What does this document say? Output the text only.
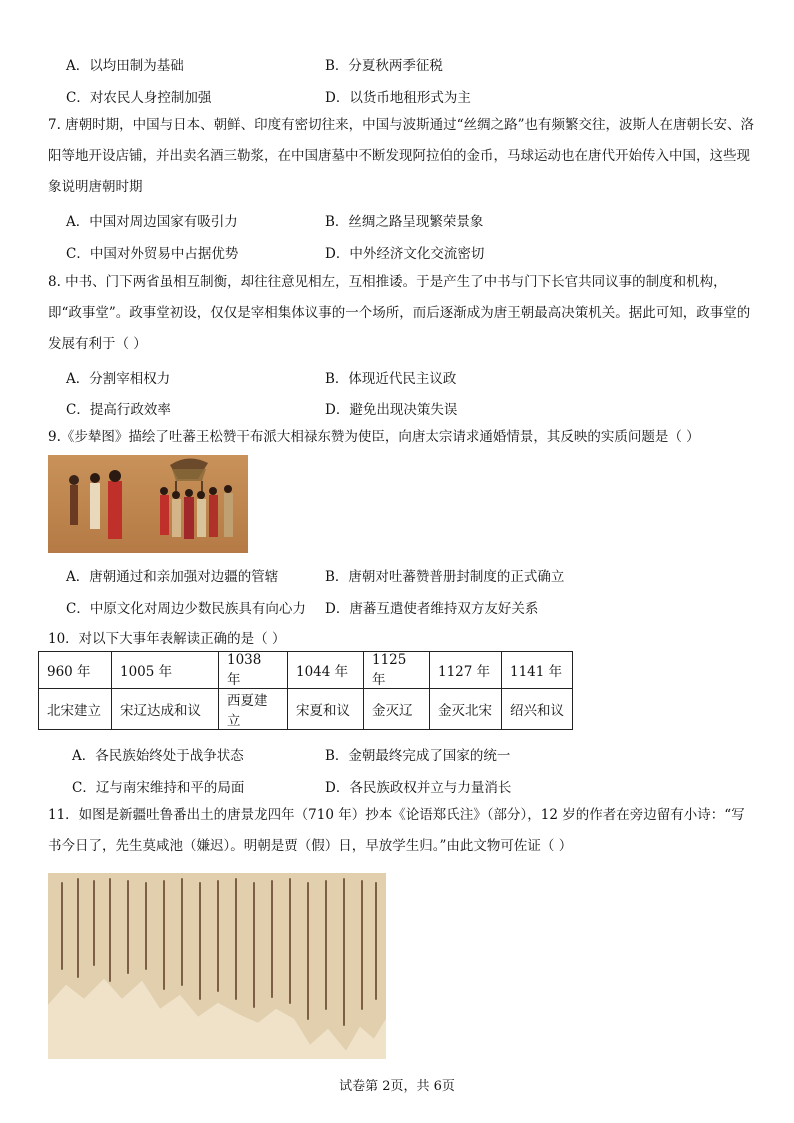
A．以均田制为基础	B．分夏秋两季征税
C．对农民人身控制加强	D．以货币地租形式为主
7. 唐朝时期，中国与日本、朝鲜、印度有密切往来，中国与波斯通过“丝绸之路”也有频繁交往，波斯人在唐朝长安、洛阳等地开设店铺，并出卖名酒三勒浆，在中国唐墓中不断发现阿拉伯的金币，马球运动也在唐代开始传入中国，这些现象说明唐朝时期
A．中国对周边国家有吸引力	B．丝绸之路呈现繁荣景象
C．中国对外贸易中占据优势	D．中外经济文化交流密切
8. 中书、门下两省虽相互制衡，却往往意见相左，互相推诿。于是产生了中书与门下长官共同议事的制度和机构，即“政事堂”。政事堂初设，仅仅是宰相集体议事的一个场所，而后逐渐成为唐王朝最高决策机关。据此可知，政事堂的发展有利于（ ）
A．分割宰相权力	B．体现近代民主议政
C．提高行政效率	D．避免出现决策失误
9.《步辇图》描绘了吐蕃王松赞干布派大相禄东赞为使臣，向唐太宗请求通婚情景，其反映的实质问题是（ ）
A．唐朝通过和亲加强对边疆的管辖	B．唐朝对吐蕃赞普册封制度的正式确立
C．中原文化对周边少数民族具有向心力 D．唐蕃互遣使者维持双方友好关系
10．对以下大事年表解读正确的是（ ）
960 年	1005 年	1038 年	1044 年	1125 年	1127 年	1141 年
北宋建立	宋辽达成和议	西夏建立	宋夏和议	金灭辽	金灭北宋	绍兴和议
A．各民族始终处于战争状态	B．金朝最终完成了国家的统一
C．辽与南宋维持和平的局面	D．各民族政权并立与力量消长
11．如图是新疆吐鲁番出土的唐景龙四年（710 年）抄本《论语郑氏注》（部分），12 岁的作者在旁边留有小诗：“写书今日了，先生莫咸池（嫌迟）。明朝是贾（假）日，早放学生归。”由此文物可佐证（ ）
试卷第 2页，共 6页
